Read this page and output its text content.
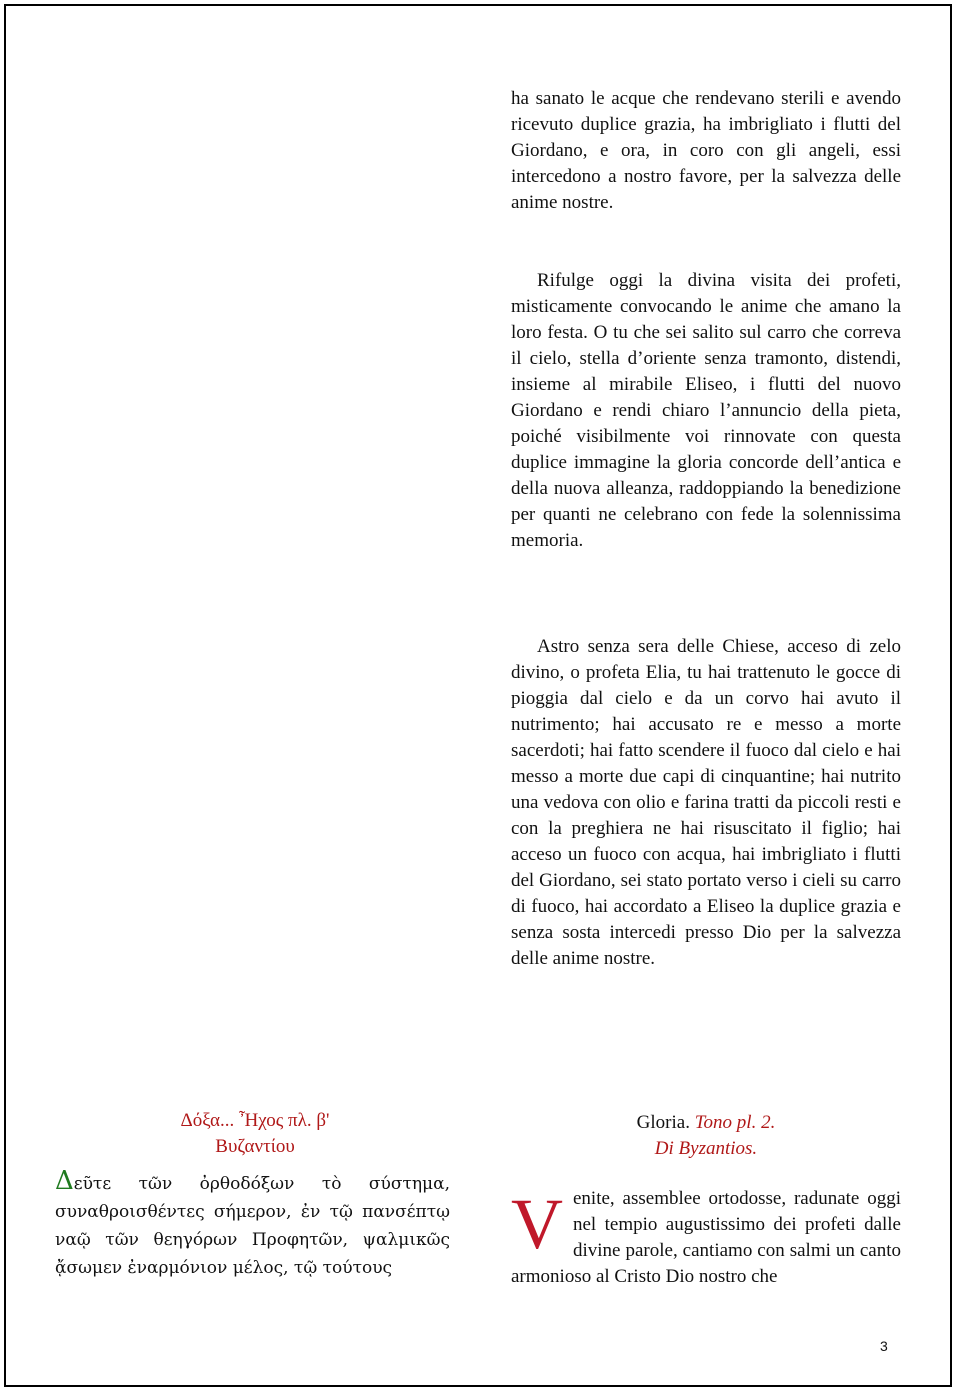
ha sanato le acque che rendevano sterili e avendo ricevuto duplice grazia, ha imbrigliato i flutti del Giordano, e ora, in coro con gli angeli, essi intercedono a nostro favore, per la salvezza delle anime nostre.

Rifulge oggi la divina visita dei profeti, misticamente convocando le anime che amano la loro festa. O tu che sei salito sul carro che correva il cielo, stella d’oriente senza tramonto, distendi, insieme al mirabile Eliseo, i flutti del nuovo Giordano e rendi chiaro l’annuncio della pieta, poiché visibilmente voi rinnovate con questa duplice immagine la gloria concorde dell’antica e della nuova alleanza, raddoppiando la benedizione per quanti ne celebrano con fede la solennissima memoria.

Astro senza sera delle Chiese, acceso di zelo divino, o profeta Elia, tu hai trattenuto le gocce di pioggia dal cielo e da un corvo hai avuto il nutrimento; hai accusato re e messo a morte sacerdoti; hai fatto scendere il fuoco dal cielo e hai messo a morte due capi di cinquantine; hai nutrito una vedova con olio e farina tratti da piccoli resti e con la preghiera ne hai risuscitato il figlio; hai acceso un fuoco con acqua, hai imbrigliato i flutti del Giordano, sei stato portato verso i cieli su carro di fuoco, hai accordato a Eliseo la duplice grazia e senza sosta intercedi presso Dio per la salvezza delle anime nostre.

Δόξα... Ἦχος πλ. β'
Βυζαντίου
Δεῦτε τῶν ὀρθοδόξων τὸ σύστημα, συναθροισθέντες σήμερον, ἐν τῷ πανσέπτῳ ναῷ τῶν θεηγόρων Προφητῶν, ψαλμικῶς ᾄσωμεν ἐναρμόνιον μέλος, τῷ τούτους
Gloria. Tono pl. 2.
Di Byzantios.
V enite, assemblee ortodosse, radunate oggi nel tempio augustissimo dei profeti dalle divine parole, cantiamo con salmi un canto armonioso al Cristo Dio nostro che
3
